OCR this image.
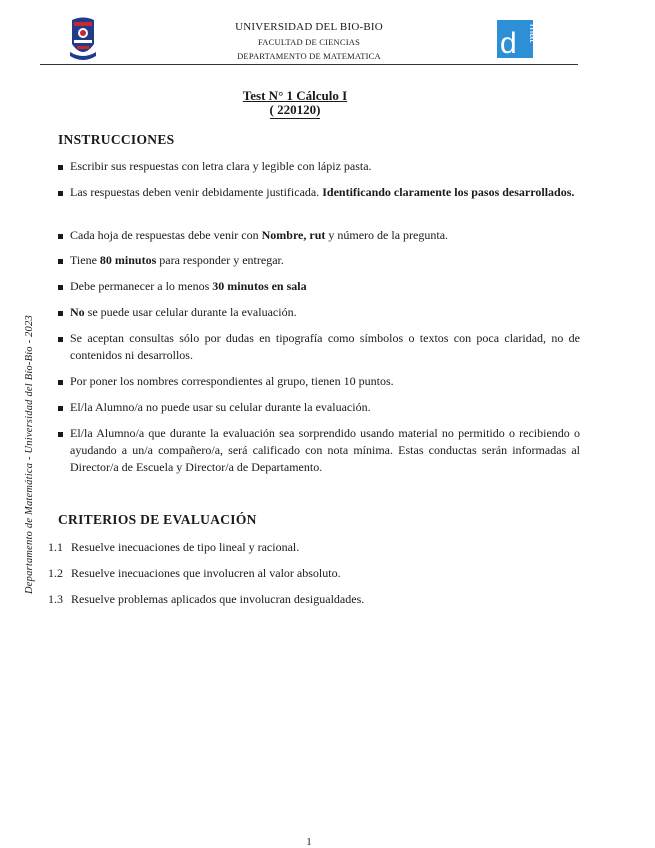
UNIVERSIDAD DEL BIO-BIO
FACULTAD DE CIENCIAS
DEPARTAMENTO DE MATEMATICA	d mat
Test N° 1 Cálculo I
( 220120)
INSTRUCCIONES
Escribir sus respuestas con letra clara y legible con lápiz pasta.
Las respuestas deben venir debidamente justificada. Identificando claramente los pasos desarrollados.
Cada hoja de respuestas debe venir con Nombre, rut y número de la pregunta.
Tiene 80 minutos para responder y entregar.
Debe permanecer a lo menos 30 minutos en sala
No se puede usar celular durante la evaluación.
Se aceptan consultas sólo por dudas en tipografía como símbolos o textos con poca claridad, no de contenidos ni desarrollos.
Por poner los nombres correspondientes al grupo, tienen 10 puntos.
El/la Alumno/a no puede usar su celular durante la evaluación.
El/la Alumno/a que durante la evaluación sea sorprendido usando material no permitido o recibiendo o ayudando a un/a compañero/a, será calificado con nota mínima. Estas conductas serán informadas al Director/a de Escuela y Director/a de Departamento.
CRITERIOS DE EVALUACIÓN
1.1 Resuelve inecuaciones de tipo lineal y racional.
1.2 Resuelve inecuaciones que involucren al valor absoluto.
1.3 Resuelve problemas aplicados que involucran desigualdades.
Departamento de Matemática - Universidad del Bío-Bío - 2023
1
